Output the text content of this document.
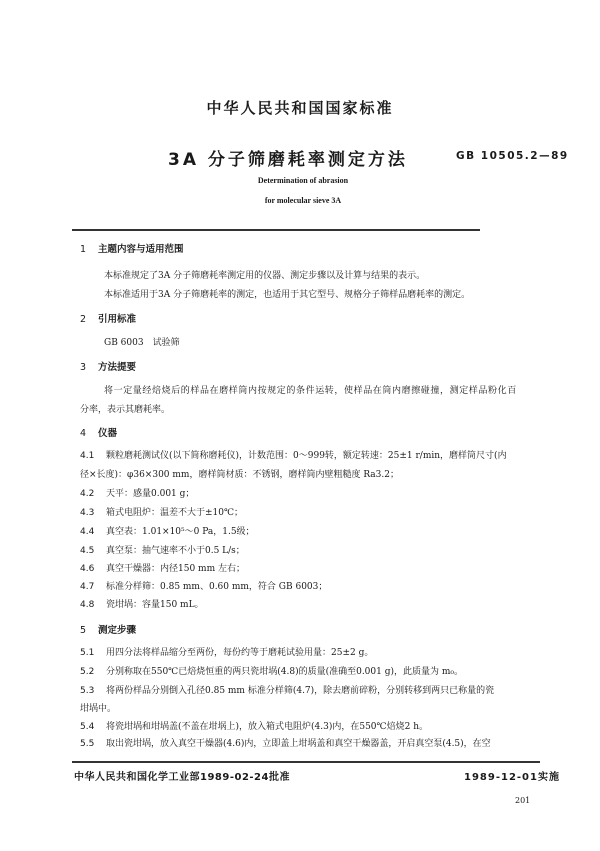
中华人民共和国国家标准
3A 分子筛磨耗率测定方法	GB 10505.2—89
Determination of abrasion
for molecular sieve 3A
1 主题内容与适用范围
本标准规定了3A 分子筛磨耗率测定用的仪器、测定步骤以及计算与结果的表示。
本标准适用于3A 分子筛磨耗率的测定，也适用于其它型号、规格分子筛样品磨耗率的测定。
2 引用标准
GB 6003　试验筛
3 方法提要
将一定量经焙烧后的样品在磨样筒内按规定的条件运转，使样品在筒内磨擦碰撞，测定样品粉化百
分率，表示其磨耗率。
4 仪器
4.1 颗粒磨耗测试仪(以下简称磨耗仪)，计数范围：0～999转，额定转速：25±1 r/min，磨样筒尺寸(内
径×长度)：φ36×300 mm，磨样筒材质：不锈钢，磨样筒内壁粗糙度 Ra3.2；
4.2 天平：感量0.001 g；
4.3 箱式电阻炉：温差不大于±10℃；
4.4 真空表：1.01×10⁵～0 Pa，1.5级；
4.5 真空泵：抽气速率不小于0.5 L/s；
4.6 真空干燥器：内径150 mm 左右；
4.7 标准分样筛：0.85 mm、0.60 mm，符合 GB 6003；
4.8 瓷坩埚：容量150 mL。
5 测定步骤
5.1 用四分法将样品缩分至两份，每份约等于磨耗试验用量：25±2 g。
5.2 分别称取在550℃已焙烧恒重的两只瓷坩埚(4.8)的质量(准确至0.001 g)，此质量为 m₀。
5.3 将两份样品分别倒入孔径0.85 mm 标准分样筛(4.7)，除去磨前碎粉，分别转移到两只已称量的瓷
坩埚中。
5.4 将瓷坩埚和坩埚盖(不盖在坩埚上)，放入箱式电阻炉(4.3)内，在550℃焙烧2 h。
5.5 取出瓷坩埚，放入真空干燥器(4.6)内，立即盖上坩埚盖和真空干燥器盖，开启真空泵(4.5)，在空
中华人民共和国化学工业部1989-02-24批准	1989-12-01实施
201
